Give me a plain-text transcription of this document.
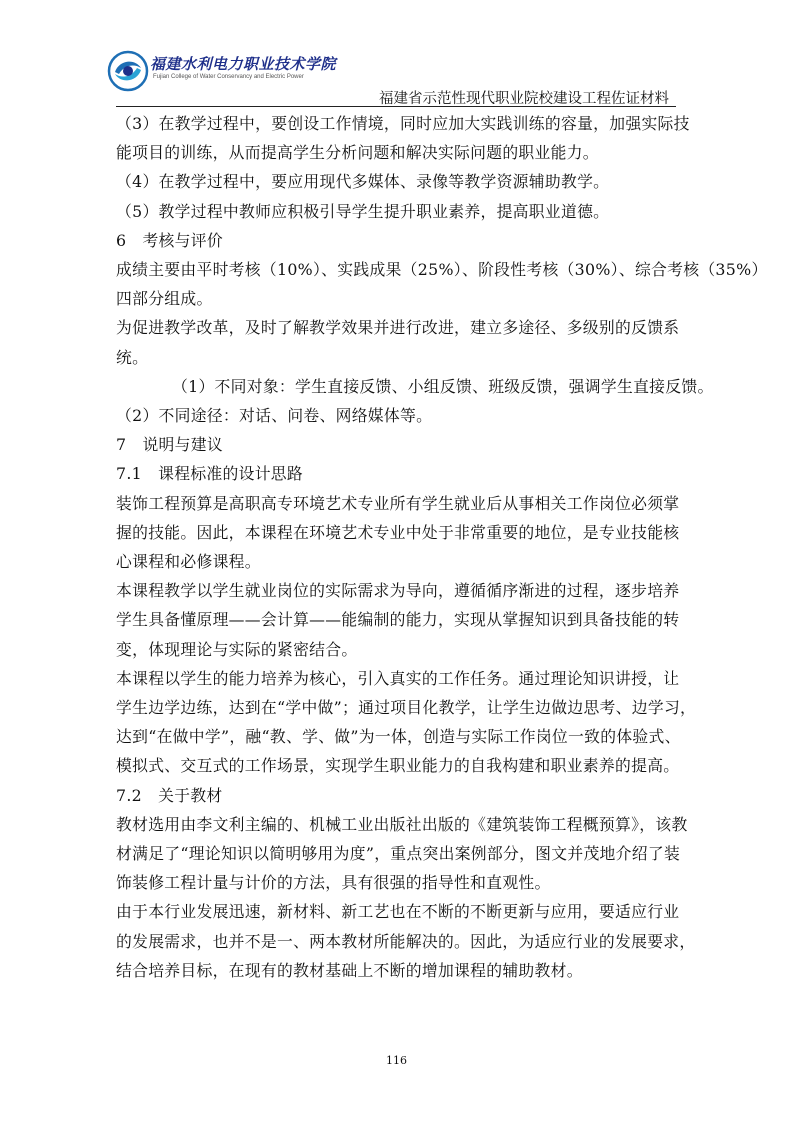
福建水利电力职业技术学院
Fujian College of Water Conservancy and Electric Power
福建省示范性现代职业院校建设工程佐证材料

（3）在教学过程中，要创设工作情境，同时应加大实践训练的容量，加强实际技

能项目的训练，从而提高学生分析问题和解决实际问题的职业能力。

（4）在教学过程中，要应用现代多媒体、录像等教学资源辅助教学。

（5）教学过程中教师应积极引导学生提升职业素养，提高职业道德。

6　考核与评价

成绩主要由平时考核（10%）、实践成果（25%）、阶段性考核（30%）、综合考核（35%）

四部分组成。

为促进教学改革，及时了解教学效果并进行改进，建立多途径、多级别的反馈系

统。

（1）不同对象：学生直接反馈、小组反馈、班级反馈，强调学生直接反馈。

（2）不同途径：对话、问卷、网络媒体等。

7　说明与建议

7.1　课程标准的设计思路

装饰工程预算是高职高专环境艺术专业所有学生就业后从事相关工作岗位必须掌

握的技能。因此，本课程在环境艺术专业中处于非常重要的地位，是专业技能核

心课程和必修课程。

本课程教学以学生就业岗位的实际需求为导向，遵循循序渐进的过程，逐步培养

学生具备懂原理——会计算——能编制的能力，实现从掌握知识到具备技能的转

变，体现理论与实际的紧密结合。

本课程以学生的能力培养为核心，引入真实的工作任务。通过理论知识讲授，让

学生边学边练，达到在“学中做”；通过项目化教学，让学生边做边思考、边学习，

达到“在做中学”，融“教、学、做”为一体，创造与实际工作岗位一致的体验式、

模拟式、交互式的工作场景，实现学生职业能力的自我构建和职业素养的提高。

7.2　关于教材

教材选用由李文利主编的、机械工业出版社出版的《建筑装饰工程概预算》，该教

材满足了“理论知识以简明够用为度”，重点突出案例部分，图文并茂地介绍了装

饰装修工程计量与计价的方法，具有很强的指导性和直观性。

由于本行业发展迅速，新材料、新工艺也在不断的不断更新与应用，要适应行业

的发展需求，也并不是一、两本教材所能解决的。因此，为适应行业的发展要求，

结合培养目标，在现有的教材基础上不断的增加课程的辅助教材。

116
